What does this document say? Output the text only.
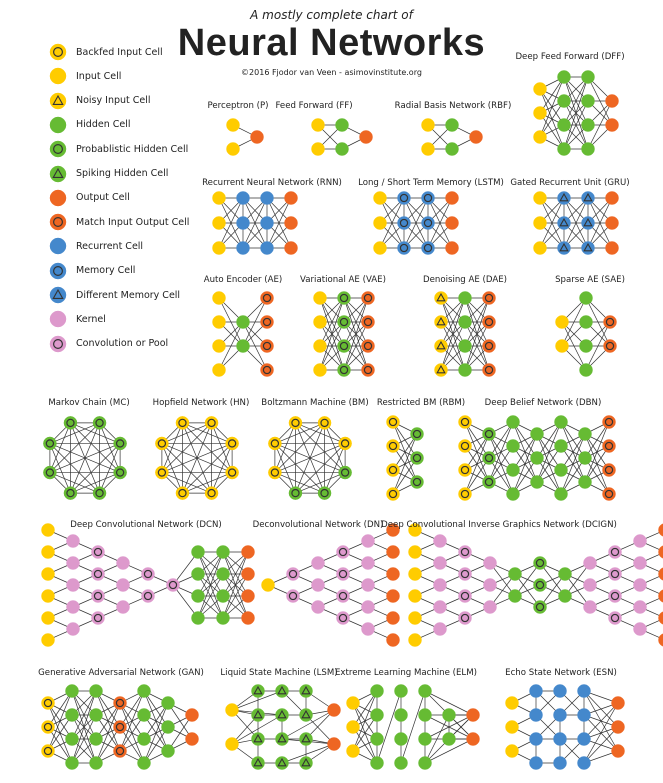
A mostly complete chart of
Neural Networks
©2016 Fjodor van Veen - asimovinstitute.org
Backfed Input Cell
Input Cell
Noisy Input Cell
Hidden Cell
Probablistic Hidden Cell
Spiking Hidden Cell
Output Cell
Match Input Output Cell
Recurrent Cell
Memory Cell
Different Memory Cell
Kernel
Convolution or Pool
Deep Feed Forward (DFF)
Perceptron (P) Feed Forward (FF)	Radial Basis Network (RBF)
Recurrent Neural Network (RNN) Long / Short Term Memory (LSTM) Gated Recurrent Unit (GRU)
Auto Encoder (AE) Variational AE (VAE)	Denoising AE (DAE)	Sparse AE (SAE)
Markov Chain (MC)	Hopfield Network (HN) Boltzmann Machine (BM) Restricted BM (RBM) Deep Belief Network (DBN)
Deep Convolutional Network (DCN)	Deconvolutional Network (DN)
Deep Convolutional Inverse Graphics Network (DCIGN)
Generative Adversarial Network (GAN) Liquid State Machine (LSM)
Extreme Learning Machine (ELM)	Echo State Network (ESN)
